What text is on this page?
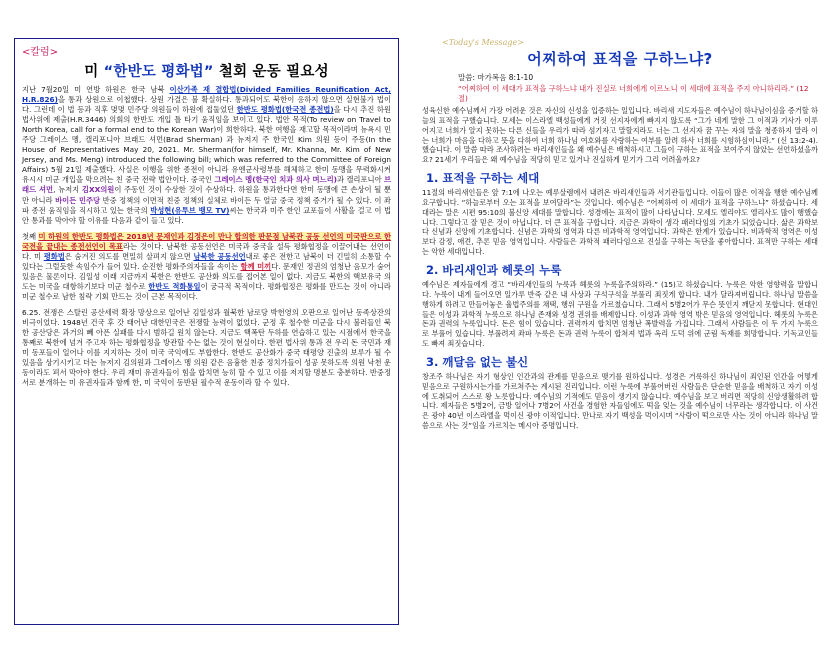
<칼럼>
미 “한반도 평화법” 철회 운동 필요성

지난 7월20일 미 연방 하원은 한국 남북 이산가족 재 결합법(Divided Families Reunification Act, H.R.826)을 통과 상원으로 이첩했다. 상원 가결은 불 확실하다. 통과되어도 북한이 응하지 않으면 실현불가 법이다. 그런데 이 법 등과 직후 몇몇 민주당 의원들이 하원에 접둘었던 한반도 평화법(한국전 종전법)을 다시 추진 하원 법사위에 제출(H.R.3446) 의회의 한반도 개입 틀 타기 움직임을 보이고 있다. 법안 목적(To review on Travel to North Korea, call for a formal end to the Korean War)이 희한하다. 북한 여행을 재고할 목적이라며 뉴욕시 민주당 그레이스 멩, 캘리포니아 브래드 셔먼(Brad Sherman) 과 뉴저지 주 한국인 Kim 의원 등이 주동(In the House of Representatives May 20, 2021. Mr. Sherman(for himself, Mr. Khanna, Mr. Kim of New Jersey, and Ms. Meng) introduced the following bill; which was referred to the Committee of Foreign Affairs) 5월 21일 제출했다. 사실은 이행을 위한 종전이 아니라 유엔군사령부를 해체하고 한미 동맹을 무력화시켜 유시시 미군 개입을 막으려는 친 중국 전략 법안이다. 중국인 그레이스 멩(한국인 치과 의사 며느리)과 캘리포니아 브래드 셔먼, 뉴저지 김XX의원이 주동인 것이 수상한 것이 수상하다. 하원을 통과한다면 한미 동맹에 큰 손상이 될 뿐만 아니라 바이든 민주당 반중 정책의 이면적 친중 정책의 실체로 바이든 두 얼굴 중국 정책 증거가 될 수 있다. 이 좌파 종전 움직임을 직시하고 있는 한국의 박성현(유투브 뱅모 TV)씨는 한국과 미주 한인 교포들이 사활을 걸고 이 법안 통과를 막아야 할 이유를 다음과 같이 들고 있다.

첫째 미 하원의 한반도 평화법은 2018년 문재인과 김정은이 만나 합의한 판문점 남북관 공동 선언의 미국판으로 한국전을 끝내는 종전선언이 목표라는 것이다. 남북한 공동선언은 미국과 중국을 설득 평화협정을 이끌어내는 선언이다. 미 평화법은 숨겨진 의도를 면밀히 살펴지 않으면 남북한 공동선언내로 좋은 전한고 남북이 더 긴밀히 소통할 수 있다는 그럴듯한 속임수가 들어 있다. 순진한 평화주의자들을 속이는 함께 미끼다. 문재인 정권의 엄청난 음모가 숨어 있음은 물론이다. 김일성 이래 지금까지 북한은 한반도 공산화 의도를 접어본 일이 없다. 지금도 북한의 핵보유국 의도는 미국을 대항하기보다 미군 철수로 한반도 적화통일이 궁극적 목적이다. 평화협정은 평화를 만드는 것이 아니라 미군 철수로 남한 침략 기회 만드는 것이 근본 목적이다.

6.25. 전쟁은 스탈린 공산세력 확장 망상으로 일어난 김일성과 월북한 남로당 박헌영의 오판으로 일어난 동족상잔의 비극이었다. 1948년 건국 후 갓 태어난 대한민국은 전쟁할 능력이 없었다. 군정 후 철수한 미군을 다시 불러들인 북한 공산당은 과거의 빼 아픈 실패를 다시 범하길 원치 않는다. 지금도 핵폭탄 두하를 연습하고 있는 시점에서 한국을 통째로 북한에 넘겨 주고자 하는 평화협정을 방관할 수는 없는 것이 현실이다. 한편 법사위 통과 전 우리 돈 국민과 재미 동포들이 일어나 이를 지지하는 것이 미국 국익에도 부합한다. 한반도 공산화가 중국 태평양 진출의 보루가 될 수 있음을 상기시키고 더는 뉴저지 김의원과 그레이스 멩 의원 같은 음흉한 친중 정치가들이 성공 못하도록 의원 낙천 운동이라도 펴서 막아야 한다. 우리 재미 유권자들이 힘을 합치면 능히 할 수 있고 이를 저지할 명분도 충분하다. 반중정서로 분개하는 미 유권자들과 함께 한, 미 국익이 동반된 필수적 운동이라 할 수 있다.

<Today's Message>
어찌하여 표적을 구하느냐?
말씀: 마가복음 8:1-10
“어찌하여 이 세대가 표적을 구하느냐 내가 진실로 너희에게 이르노니 이 세대에 표적을 주지 아니하리라.” (12절)

성육신한 예수님께서 가장 어려운 것은 자신의 신성을 입증하는 일입니다. 바리새 지도자들은 예수님이 하나님이심을 증거할 하늘의 표적을 구했습니다. 모세는 이스라엘 백성들에게 거짓 선지자에게 빠지지 않도록 “그가 네게 말한 그 이적과 기사가 이루어지고 너희가 알지 못하는 다른 신들을 우리가 따라 섬기자고 말할지라도 너는 그 선지자 꿈 꾸는 자의 말을 청종하지 말라 이는 너희가 마음을 다하고 뜻을 다하여 너희 하나님 여호와를 사랑하는 여부를 알려 하사 너희를 시험하심이니라.” (신 13:2-4). 했습니다. 이 말씀 따라 조사하려는 바리새인들을 왜 예수님은 배척하시고 그들이 구하는 표적을 보여주지 않았는 선언하셨을까요? 21세기 우리들은 왜 예수님을 적당히 믿고 있거나 진실하게 믿기가 그리 어려울까요?

1. 표적을 구하는 세대

11절의 바리새인들은 앞 7:1에 나오는 예루살렘에서 내려온 바리새인들과 서기관들입니다. 이들이 많은 이적을 행한 예수님께 요구합니다. “하늘로부터 오는 표적을 보여달라”는 것입니다. 예수님은 “어찌하여 이 세대가 표적을 구하느냐” 하셨습니다. 세대라는 말은 시편 95:10의 불신앙 세대를 말합니다. 성경에는 표적이 많이 나타납니다. 모세도 엘리야도 엘리사도 많이 행했습니다. 그렇다고 잘 믿은 것이 아닙니다. 더 큰 표적을 구합니다. 지금은 과학이 생각 패러다임의 기초가 되었습니다. 삶은 과학보다 신념과 신앙에 기초합니다. 신념은 과학의 영역과 다른 비과학적 영역입니다. 과학은 한계가 있습니다. 비과학적 영역은 이성보다 감정, 애견, 추론 믿음 영역입니다. 사람들은 과학적 패러다임으로 진실을 구하는 독단을 좋아합니다. 표적만 구하는 세대는 악한 세대입니다.

2. 바리새인과 헤롯의 누룩

예수님은 제자들에게 경고 “바리새인들의 누룩과 헤롯의 누룩을주의하라.” (15)고 하셨습니다. 누룩은 악한 영향력을 말합니다. 누룩이 내게 들어오면 일가루 반죽 같은 내 사상과 구석구석을 부풀리 죄짓게 합니다. 내가 달라져버립니다. 하나님 말씀을 행하게 하려고 만들어놓은 율법주의를 채택, 행위 구원을 가르쳤습니다. 그래서 5병2어가 무슨 뜻인지 깨닫지 못합니다. 현대인들은 이성과 과학적 누룩으로 하나님 존재와 성경 권위를 배제합니다. 이성과 과학 영역 밖은 믿음의 영역입니다. 헤롯의 누룩은 돈과 권력의 누룩입니다. 돈은 힘이 있습니다. 권력까지 합치면 엄청난 폭발력을 가집니다. 그래서 사람들은 이 두 가지 누룩으로 부풀어 있습니다. 부풀려져 좌파 누룩은 돈과 권력 누룩이 합쳐져 법과 옥리 도덕 위에 군림 독재를 희망합니다. 기독교인들도 빠져 죄짓습니다.

3. 깨달음 없는 불신

창조주 하나님은 자기 형상인 인간과의 관계를 믿음으로 맺기를 원하십니다. 성경은 거룩하신 하나님이 죄인된 인간을 어떻게 믿음으로 구원하시는가를 가르쳐주는 계시된 진리입니다. 이런 누룩에 부풀어버린 사람들은 단순한 믿음을 배척하고 자기 이성에 도취되어 스스로 왕 노릇합니다. 예수님의 기적에도 믿음이 생기지 않습니다. 예수님을 보고 버리면 적당히 신앙생활하려 합니다. 제자들은 5병2어, 금방 일어나 7병2어 사건을 경험한 자들임에도 떡을 잊는 것을 예수님이 너무라는 생각합니다. 이 사건은 광야 40년 이스라엘을 먹이신 광야 이적입니다. 만나로 자기 백성을 먹이시며 “사람이 떡으로만 사는 것이 아니라 하나님 말씀으로 사는 것”임을 가르치는 메시아 증명입니다.
